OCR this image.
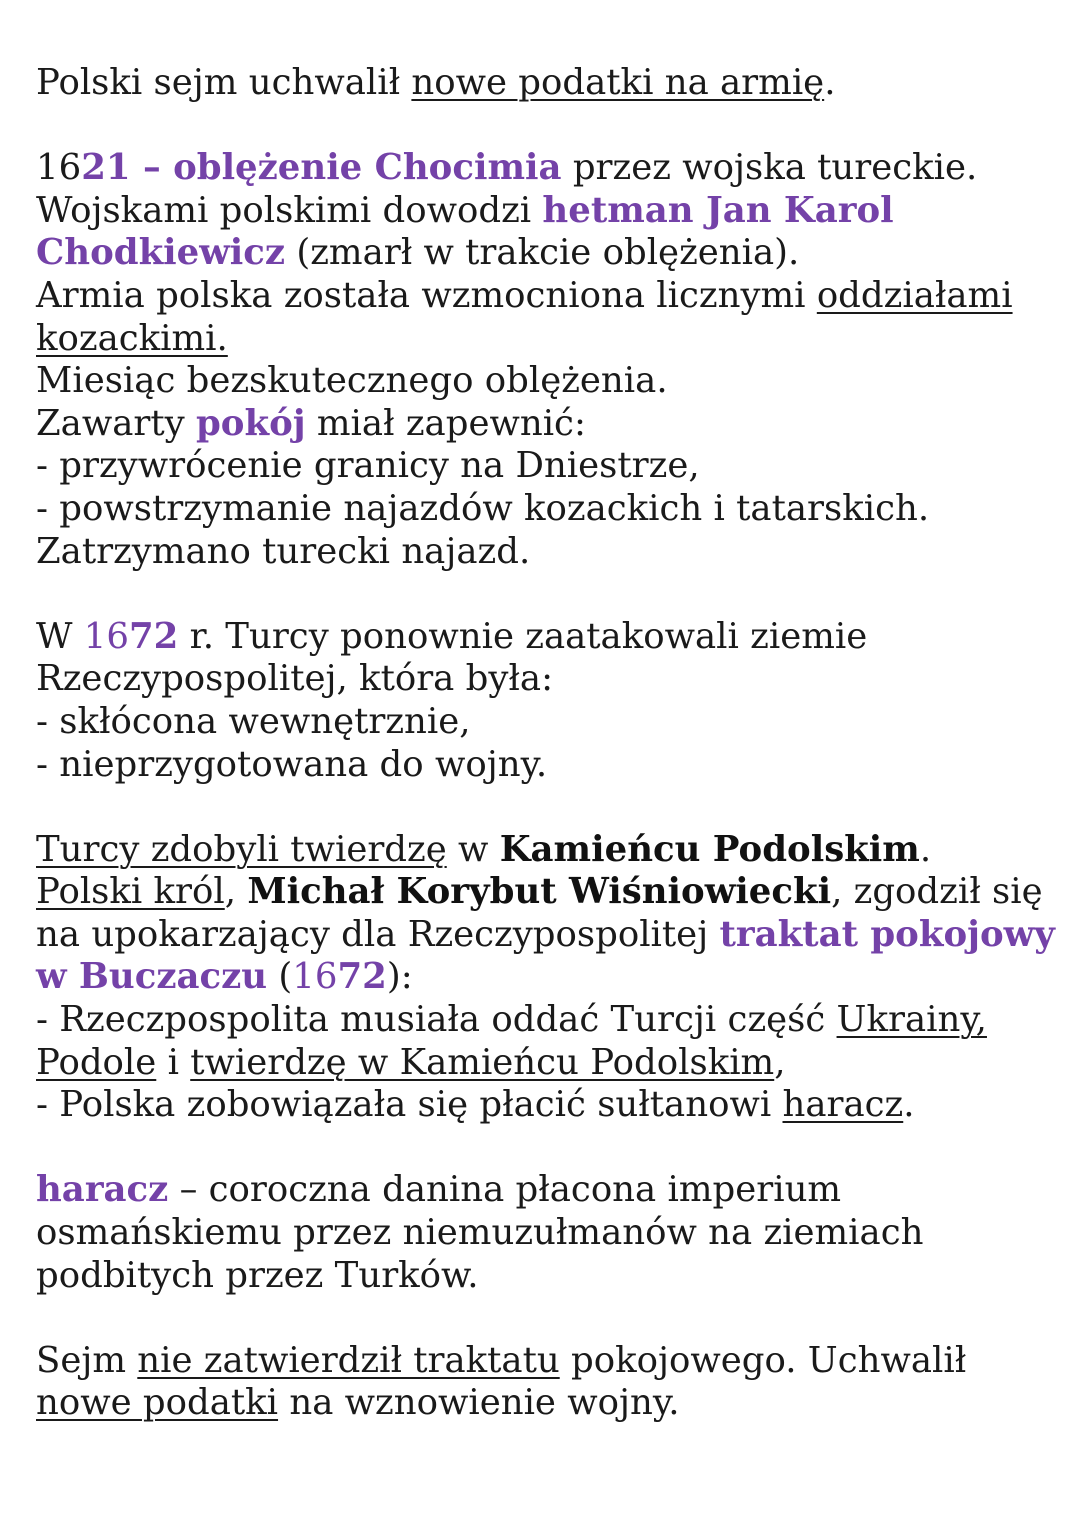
Polski sejm uchwalił nowe podatki na armię.

1621 – oblężenie Chocimia przez wojska tureckie. Wojskami polskimi dowodzi hetman Jan Karol Chodkiewicz (zmarł w trakcie oblężenia).

Armia polska została wzmocniona licznymi oddziałami kozackimi.

Miesiąc bezskutecznego oblężenia.

Zawarty pokój miał zapewnić:

- przywrócenie granicy na Dniestrze,

- powstrzymanie najazdów kozackich i tatarskich.

Zatrzymano turecki najazd.

W 1672 r. Turcy ponownie zaatakowali ziemie Rzeczypospolitej, która była:

- skłócona wewnętrznie,

- nieprzygotowana do wojny.

Turcy zdobyli twierdzę w Kamieńcu Podolskim.

Polski król, Michał Korybut Wiśniowiecki, zgodził się na upokarzający dla Rzeczypospolitej traktat pokojowy w Buczaczu (1672):

- Rzeczpospolita musiała oddać Turcji część Ukrainy, Podole i twierdzę w Kamieńcu Podolskim,

- Polska zobowiązała się płacić sułtanowi haracz.

haracz – coroczna danina płacona imperium osmańskiemu przez niemuzułmanów na ziemiach podbitych przez Turków.

Sejm nie zatwierdził traktatu pokojowego. Uchwalił nowe podatki na wznowienie wojny.
